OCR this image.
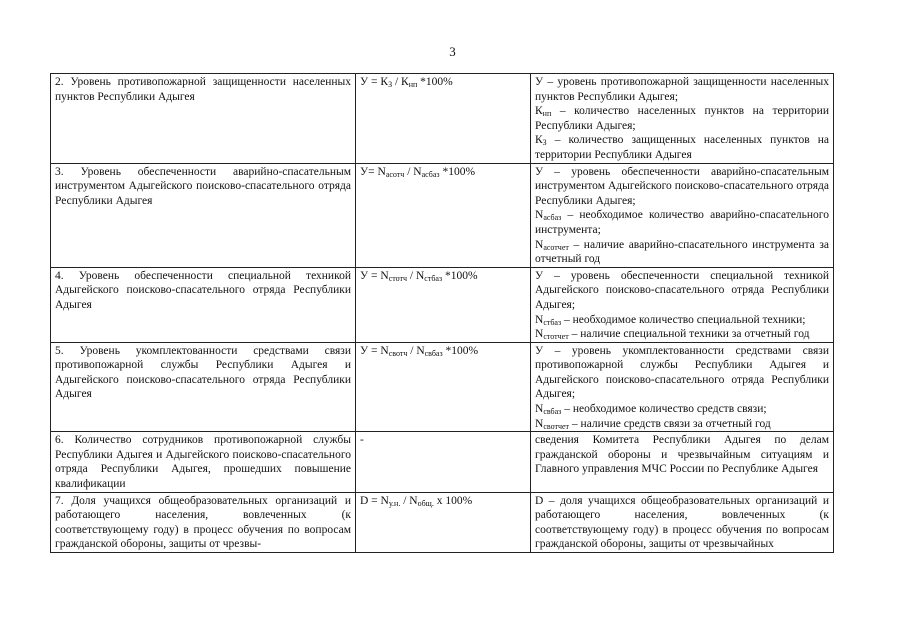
3
2. Уровень противопожарной защищенности населенных пунктов Республики Адыгея	$У = К_З / К_{нп}$ *100%	У – уровень противопожарной защищенности населенных пунктов Республики Адыгея;
$К_{нп}$ – количество населенных пунктов на территории Республики Адыгея;
$К_З$ – количество защищенных населенных пунктов на территории Республики Адыгея

3. Уровень обеспеченности аварийно-спасательным инструментом Адыгейского поисково-спасательного отряда Республики Адыгея	$У= N_{асотч} / N_{асбаз}$ *100%	У – уровень обеспеченности аварийно-спасательным инструментом Адыгейского поисково-спасательного отряда Республики Адыгея;
$N_{асбаз}$ – необходимое количество аварийно-спасательного инструмента;
$N_{асотчет}$ – наличие аварийно-спасательного инструмента за отчетный год

4. Уровень обеспеченности специальной техникой Адыгейского поисково-спасательного отряда Республики Адыгея	$У = N_{стотч} / N_{стбаз}$ *100%	У – уровень обеспеченности специальной техникой Адыгейского поисково-спасательного отряда Республики Адыгея;
$N_{стбаз}$ – необходимое количество специальной техники;
$N_{стотчет}$ – наличие специальной техники за отчетный год

5. Уровень укомплектованности средствами связи противопожарной службы Республики Адыгея и Адыгейского поисково-спасательного отряда Республики Адыгея	$У = N_{свотч} / N_{свбаз}$ *100%	У – уровень укомплектованности средствами связи противопожарной службы Республики Адыгея и Адыгейского поисково-спасательного отряда Республики Адыгея;
$N_{свбаз}$ – необходимое количество средств связи;
$N_{свотчет}$ – наличие средств связи за отчетный год

6. Количество сотрудников противопожарной службы Республики Адыгея и Адыгейского поисково-спасательного отряда Республики Адыгея, прошедших повышение квалификации	-	сведения Комитета Республики Адыгея по делам гражданской обороны и чрезвычайным ситуациям и Главного управления МЧС России по Республике Адыгея

7. Доля учащихся общеобразовательных организаций и работающего населения, вовлеченных (к соответствующему году) в процесс обучения по вопросам гражданской обороны, защиты от чрезвы-	$D = N_{у.н.} / N_{общ.}$ х 100%	D – доля учащихся общеобразовательных организаций и работающего населения, вовлеченных (к соответствующему году) в процесс обучения по вопросам гражданской обороны, защиты от чрезвычайных
